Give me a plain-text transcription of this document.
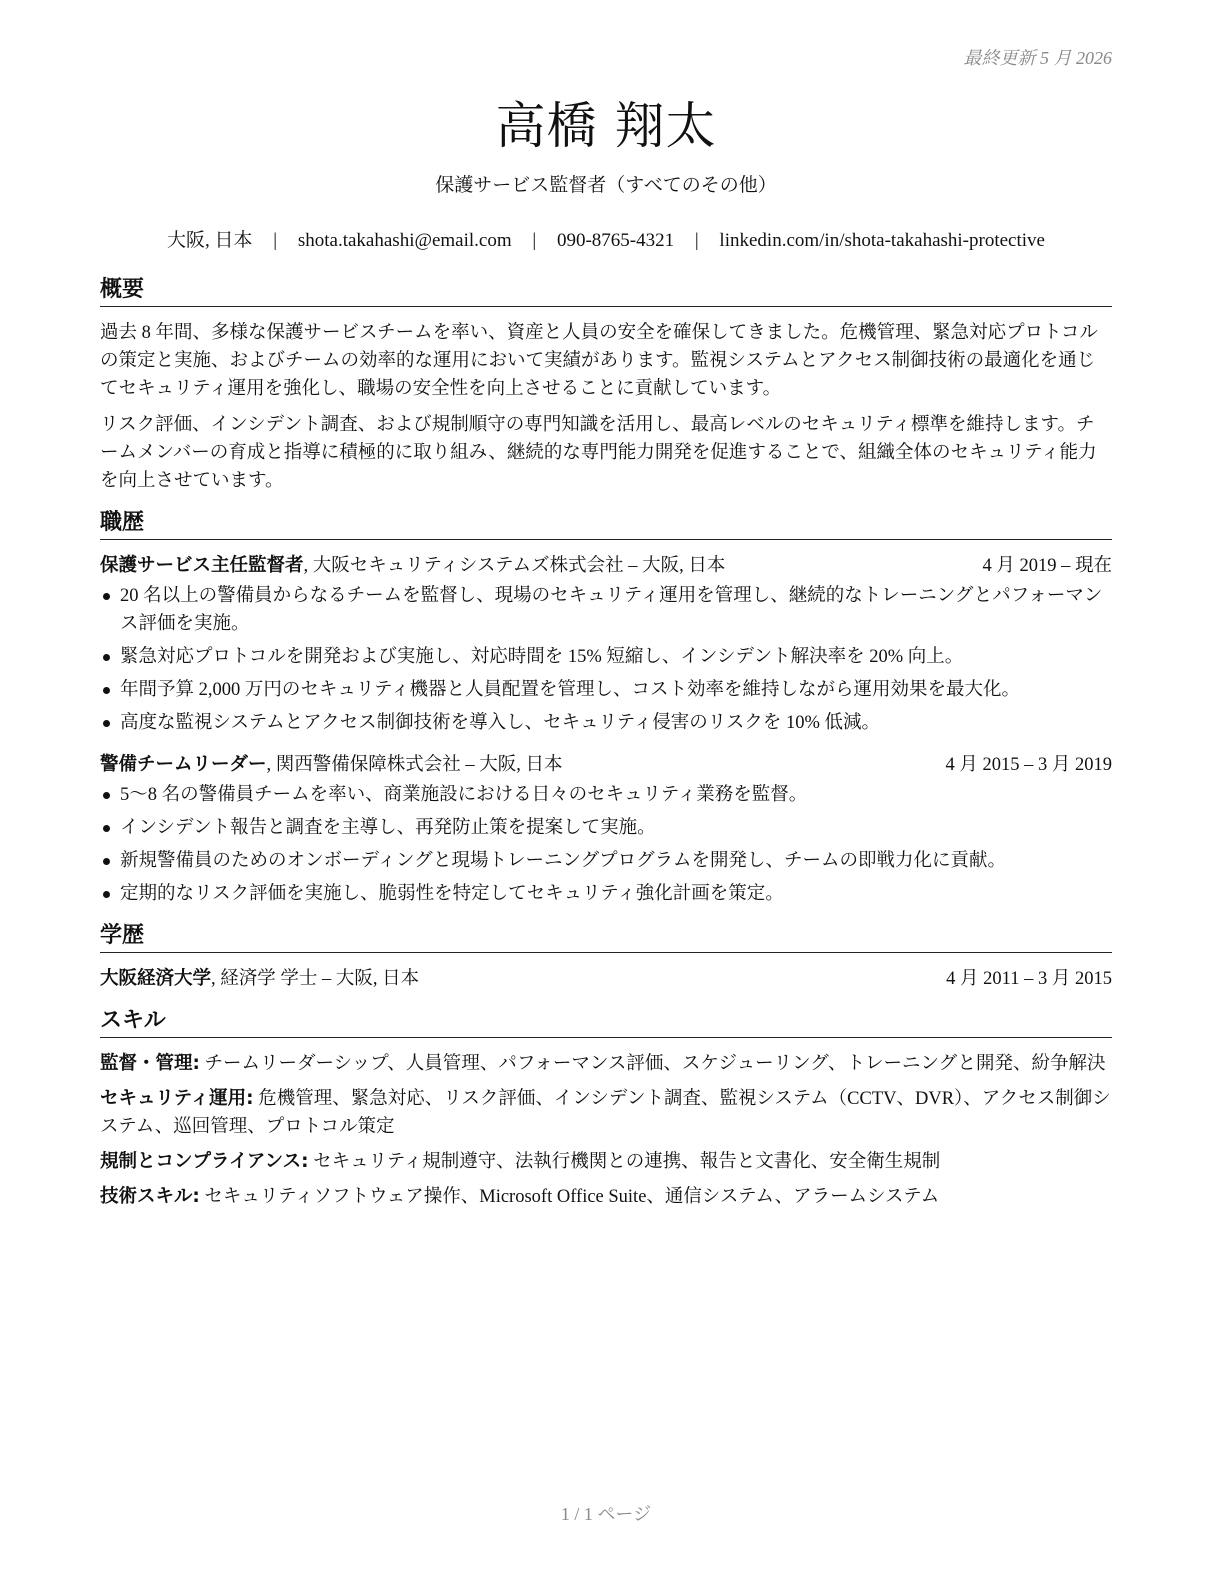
最終更新 5 月 2026
高橋 翔太
保護サービス監督者（すべてのその他）
大阪, 日本 | shota.takahashi@email.com | 090-8765-4321 | linkedin.com/in/shota-takahashi-protective
概要

過去 8 年間、多様な保護サービスチームを率い、資産と人員の安全を確保してきました。危機管理、緊急対応プロトコルの策定と実施、およびチームの効率的な運用において実績があります。監視システムとアクセス制御技術の最適化を通じてセキュリティ運用を強化し、職場の安全性を向上させることに貢献しています。

リスク評価、インシデント調査、および規制順守の専門知識を活用し、最高レベルのセキュリティ標準を維持します。チームメンバーの育成と指導に積極的に取り組み、継続的な専門能力開発を促進することで、組織全体のセキュリティ能力を向上させています。

職歴
保護サービス主任監督者, 大阪セキュリティシステムズ株式会社 – 大阪, 日本	4 月 2019 – 現在
20 名以上の警備員からなるチームを監督し、現場のセキュリティ運用を管理し、継続的なトレーニングとパフォーマンス評価を実施。
緊急対応プロトコルを開発および実施し、対応時間を 15% 短縮し、インシデント解決率を 20% 向上。
年間予算 2,000 万円のセキュリティ機器と人員配置を管理し、コスト効率を維持しながら運用効果を最大化。
高度な監視システムとアクセス制御技術を導入し、セキュリティ侵害のリスクを 10% 低減。
警備チームリーダー, 関西警備保障株式会社 – 大阪, 日本	4 月 2015 – 3 月 2019
5〜8 名の警備員チームを率い、商業施設における日々のセキュリティ業務を監督。
インシデント報告と調査を主導し、再発防止策を提案して実施。
新規警備員のためのオンボーディングと現場トレーニングプログラムを開発し、チームの即戦力化に貢献。
定期的なリスク評価を実施し、脆弱性を特定してセキュリティ強化計画を策定。
学歴
大阪経済大学, 経済学 学士 – 大阪, 日本	4 月 2011 – 3 月 2015
スキル
監督・管理: チームリーダーシップ、人員管理、パフォーマンス評価、スケジューリング、トレーニングと開発、紛争解決
セキュリティ運用: 危機管理、緊急対応、リスク評価、インシデント調査、監視システム（CCTV、DVR）、アクセス制御システム、巡回管理、プロトコル策定
規制とコンプライアンス: セキュリティ規制遵守、法執行機関との連携、報告と文書化、安全衛生規制
技術スキル: セキュリティソフトウェア操作、Microsoft Office Suite、通信システム、アラームシステム
1 / 1 ページ
